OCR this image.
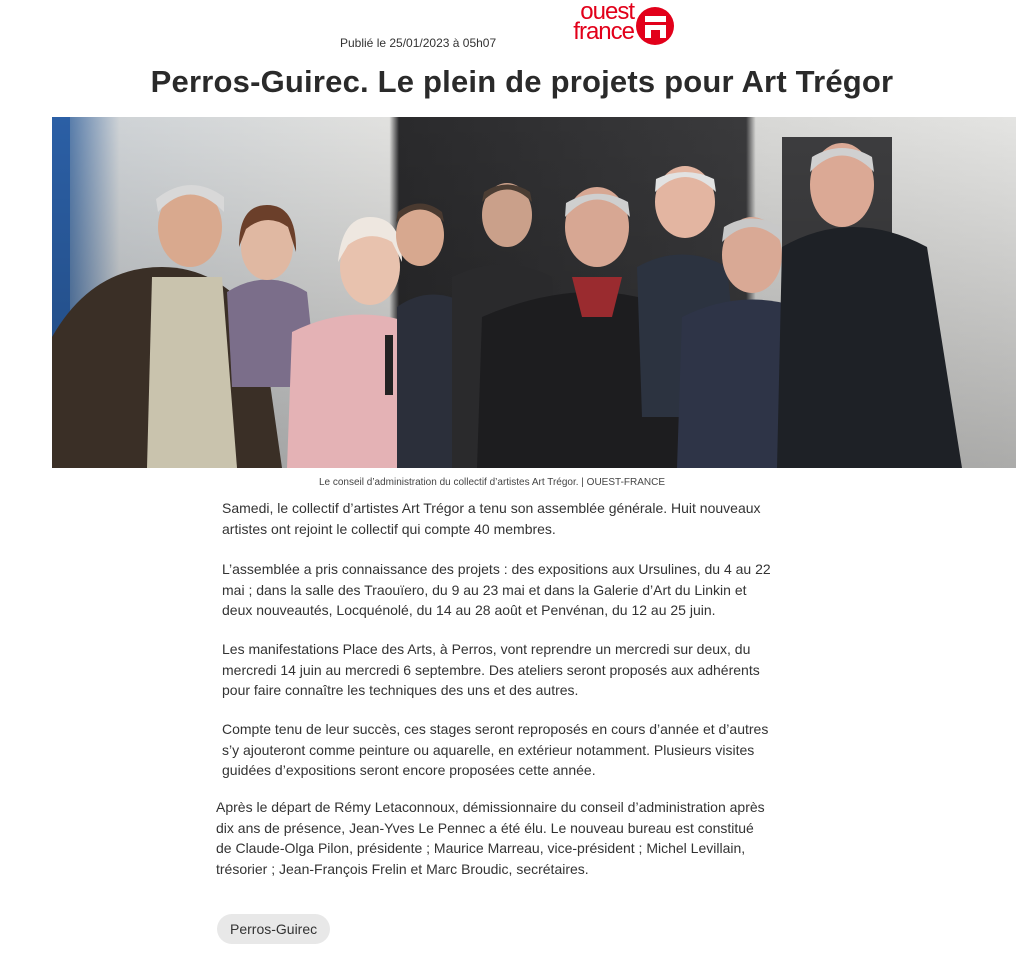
Publié le 25/01/2023 à 05h07
ouest
france
Perros-Guirec. Le plein de projets pour Art Trégor
Le conseil d’administration du collectif d’artistes Art Trégor. | OUEST-FRANCE

Samedi, le collectif d’artistes Art Trégor a tenu son assemblée générale. Huit nouveaux artistes ont rejoint le collectif qui compte 40 membres.

L’assemblée a pris connaissance des projets : des expositions aux Ursulines, du 4 au 22 mai ; dans la salle des Traouïero, du 9 au 23 mai et dans la Galerie d’Art du Linkin et deux nouveautés, Locquénolé, du 14 au 28 août et Penvénan, du 12 au 25 juin.

Les manifestations Place des Arts, à Perros, vont reprendre un mercredi sur deux, du mercredi 14 juin au mercredi 6 septembre. Des ateliers seront proposés aux adhérents pour faire connaître les techniques des uns et des autres.

Compte tenu de leur succès, ces stages seront reproposés en cours d’année et d’autres s’y ajouteront comme peinture ou aquarelle, en extérieur notamment. Plusieurs visites guidées d’expositions seront encore proposées cette année.

Après le départ de Rémy Letaconnoux, démissionnaire du conseil d’administration après dix ans de présence, Jean-Yves Le Pennec a été élu. Le nouveau bureau est constitué de Claude-Olga Pilon, présidente ; Maurice Marreau, vice-président ; Michel Levillain, trésorier ; Jean-François Frelin et Marc Broudic, secrétaires.

Perros-Guirec
